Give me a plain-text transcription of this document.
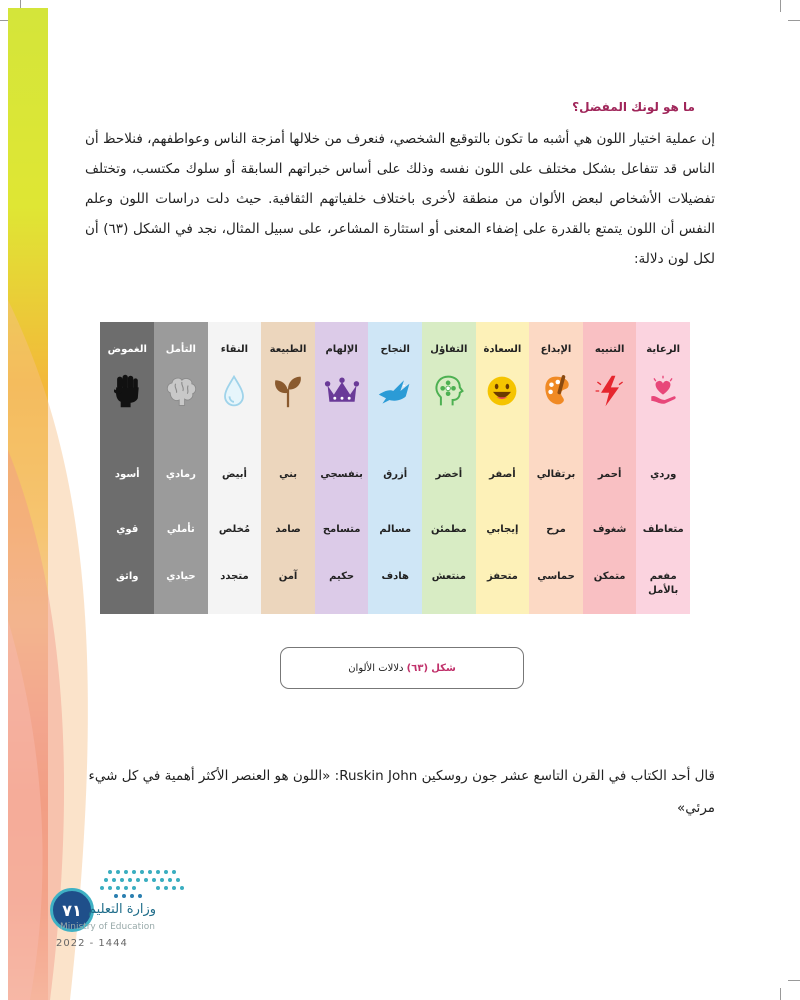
ما هو لونك المفضل؟
إن عملية اختيار اللون هي أشبه ما تكون بالتوقيع الشخصي، فنعرف من خلالها أمزجة الناس وعواطفهم، فنلاحظ أن الناس قد تتفاعل بشكل مختلف على اللون نفسه وذلك على أساس خبراتهم السابقة أو سلوك مكتسب، وتختلف تفضيلات الأشخاص لبعض الألوان من منطقة لأخرى باختلاف خلفياتهم الثقافية. حيث دلت دراسات اللون وعلم النفس أن اللون يتمتع بالقدرة على إضفاء المعنى أو استثارة المشاعر، على سبيل المثال، نجد في الشكل (٦٣) أن لكل لون دلالة:
الرعاية
وردي
متعاطف
مفعم بالأمل
التنبيه
أحمر
شغوف
متمكن
الإبداع
برتقالي
مرح
حماسي
السعادة
أصفر
إيجابي
متحفز
التفاؤل
أخضر
مطمئن
منتعش
النجاح
أزرق
مسالم
هادف
الإلهام
بنفسجي
متسامح
حكيم
الطبيعة
بني
صامد
آمن
النقاء
أبيض
مُخلص
متجدد
التأمل
رمادي
تأملي
حيادي
الغموض
أسود
قوي
واثق
شكل

(٦٣)

دلالات الألوان
قال أحد الكتاب في القرن التاسع عشر جون روسكين Ruskin John: «اللون هو العنصر الأكثر أهمية في كل شيء مرئي»
٧١ وزارة التعليم
Ministry of Education
2022 - 1444
